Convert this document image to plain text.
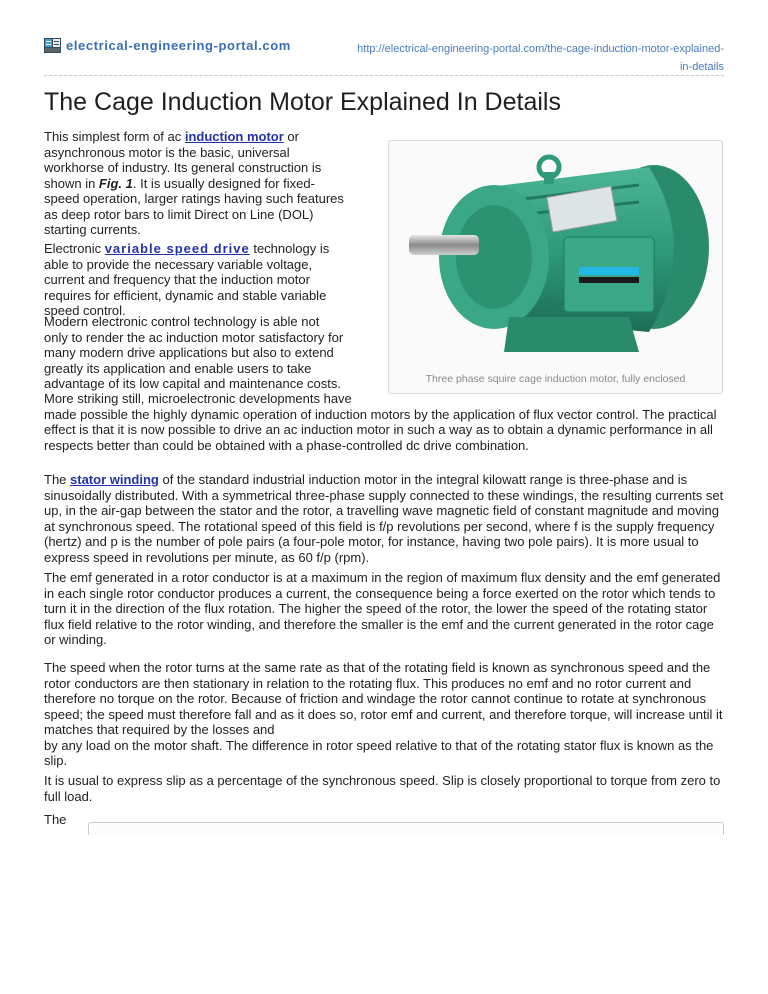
electrical-engineering-portal.com	http://electrical-engineering-portal.com/the-cage-induction-motor-explained-
in-details
The Cage Induction Motor Explained In Details

This simplest form of ac induction motor or asynchronous motor is the basic, universal workhorse of industry. Its general construction is shown in Fig. 1. It is usually designed for fixed-speed operation, larger ratings having such features as deep rotor bars to limit Direct on Line (DOL) starting currents.

Electronic variable speed drive technology is able to provide the necessary variable voltage, current and frequency that the induction motor requires for efficient, dynamic and stable variable speed control.

Modern electronic control technology is able not only to render the ac induction motor satisfactory for many modern drive applications but also to extend greatly its application and enable users to take advantage of its low capital and maintenance costs.	Three phase squire cage induction motor, fully enclosed

More striking still, microelectronic developments have
made possible the highly dynamic operation of induction motors by the application of flux vector control. The practical effect is that it is now possible to drive an ac induction motor in such a way as to obtain a dynamic performance in all respects better than could be obtained with a phase-controlled dc drive combination.

The stator winding of the standard industrial induction motor in the integral kilowatt range is three-phase and is sinusoidally distributed. With a symmetrical three-phase supply connected to these windings, the resulting currents set up, in the air-gap between the stator and the rotor, a travelling wave magnetic field of constant magnitude and moving at synchronous speed. The rotational speed of this field is f/p revolutions per second, where f is the supply frequency (hertz) and p is the number of pole pairs (a four-pole motor, for instance, having two pole pairs). It is more usual to express speed in revolutions per minute, as 60 f/p (rpm).

The emf generated in a rotor conductor is at a maximum in the region of maximum flux density and the emf generated in each single rotor conductor produces a current, the consequence being a force exerted on the rotor which tends to turn it in the direction of the flux rotation. The higher the speed of the rotor, the lower the speed of the rotating stator flux field relative to the rotor winding, and therefore the smaller is the emf and the current generated in the rotor cage or winding.

The speed when the rotor turns at the same rate as that of the rotating field is known as synchronous speed and the rotor conductors are then stationary in relation to the rotating flux. This produces no emf and no rotor current and therefore no torque on the rotor. Because of friction and windage the rotor cannot continue to rotate at synchronous speed; the speed must therefore fall and as it does so, rotor emf and current, and therefore torque, will increase until it matches that required by the losses and
by any load on the motor shaft. The difference in rotor speed relative to that of the rotating stator flux is known as the slip.

It is usual to express slip as a percentage of the synchronous speed. Slip is closely proportional to torque from zero to full load.

The
